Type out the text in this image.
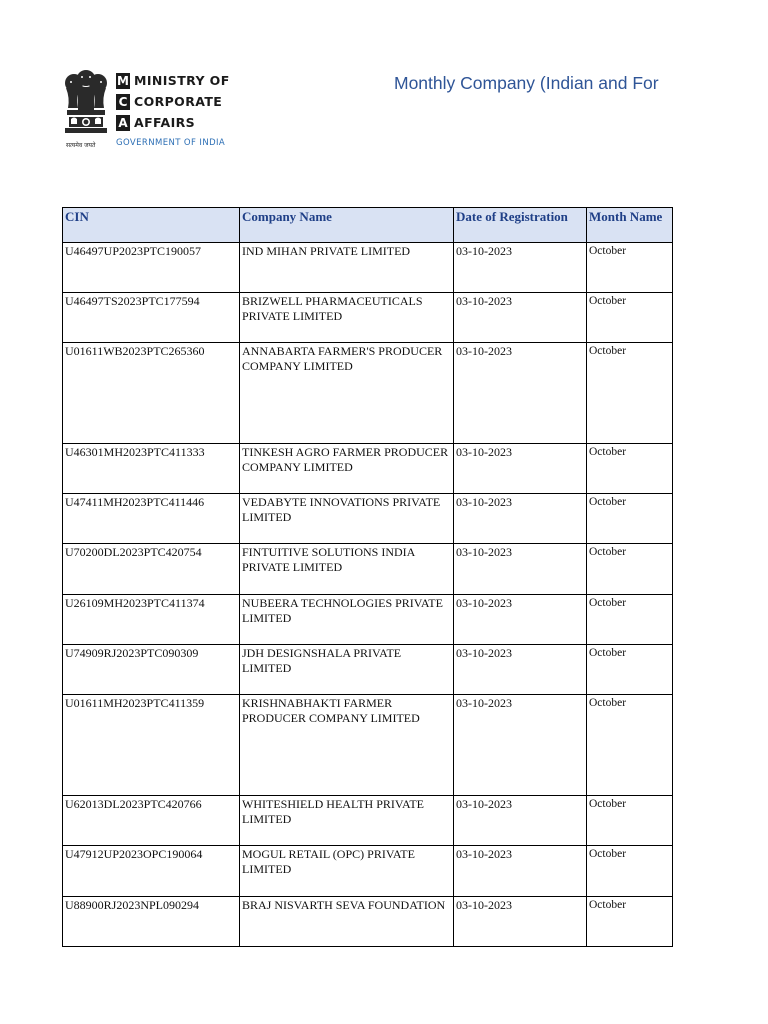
सत्यमेव जयते
M MINISTRY OF
C CORPORATE
A AFFAIRS
GOVERNMENT OF INDIA
Monthly Company (Indian and For
CIN	Company Name	Date of Registration	Month Name
U46497UP2023PTC190057	IND MIHAN PRIVATE LIMITED	03-10-2023	October
U46497TS2023PTC177594	BRIZWELL PHARMACEUTICALS PRIVATE LIMITED	03-10-2023	October
U01611WB2023PTC265360	ANNABARTA FARMER'S PRODUCER COMPANY LIMITED	03-10-2023	October
U46301MH2023PTC411333	TINKESH AGRO FARMER PRODUCER COMPANY LIMITED	03-10-2023	October
U47411MH2023PTC411446	VEDABYTE INNOVATIONS PRIVATE LIMITED	03-10-2023	October
U70200DL2023PTC420754	FINTUITIVE SOLUTIONS INDIA PRIVATE LIMITED	03-10-2023	October
U26109MH2023PTC411374	NUBEERA TECHNOLOGIES PRIVATE LIMITED	03-10-2023	October
U74909RJ2023PTC090309	JDH DESIGNSHALA PRIVATE LIMITED	03-10-2023	October
U01611MH2023PTC411359	KRISHNABHAKTI FARMER PRODUCER COMPANY LIMITED	03-10-2023	October
U62013DL2023PTC420766	WHITESHIELD HEALTH PRIVATE LIMITED	03-10-2023	October
U47912UP2023OPC190064	MOGUL RETAIL (OPC) PRIVATE LIMITED	03-10-2023	October
U88900RJ2023NPL090294	BRAJ NISVARTH SEVA FOUNDATION	03-10-2023	October
